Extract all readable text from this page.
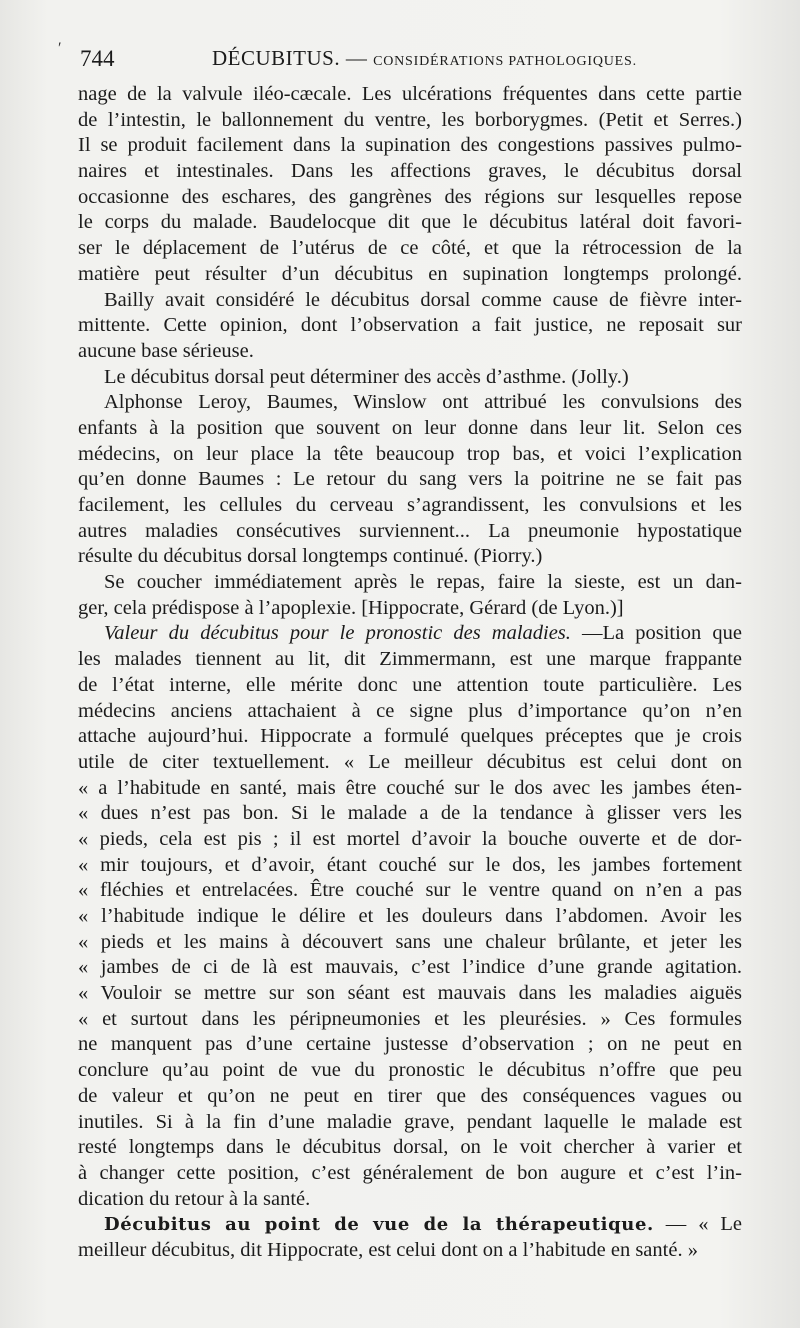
′ 744	DÉCUBITUS. — CONSIDÉRATIONS PATHOLOGIQUES.
nage de la valvule iléo-cæcale. Les ulcérations fréquentes dans cette partie
de l’intestin, le ballonnement du ventre, les borborygmes. (Petit et Serres.)
Il se produit facilement dans la supination des congestions passives pulmo-
naires et intestinales. Dans les affections graves, le décubitus dorsal
occasionne des eschares, des gangrènes des régions sur lesquelles repose
le corps du malade. Baudelocque dit que le décubitus latéral doit favori-
ser le déplacement de l’utérus de ce côté, et que la rétrocession de la
matière peut résulter d’un décubitus en supination longtemps prolongé.
Bailly avait considéré le décubitus dorsal comme cause de fièvre inter-
mittente. Cette opinion, dont l’observation a fait justice, ne reposait sur
aucune base sérieuse.
Le décubitus dorsal peut déterminer des accès d’asthme. (Jolly.)
Alphonse Leroy, Baumes, Winslow ont attribué les convulsions des
enfants à la position que souvent on leur donne dans leur lit. Selon ces
médecins, on leur place la tête beaucoup trop bas, et voici l’explication
qu’en donne Baumes : Le retour du sang vers la poitrine ne se fait pas
facilement, les cellules du cerveau s’agrandissent, les convulsions et les
autres maladies consécutives surviennent... La pneumonie hypostatique
résulte du décubitus dorsal longtemps continué. (Piorry.)
Se coucher immédiatement après le repas, faire la sieste, est un dan-
ger, cela prédispose à l’apoplexie. [Hippocrate, Gérard (de Lyon.)]
Valeur du décubitus pour le pronostic des maladies. —La position que
les malades tiennent au lit, dit Zimmermann, est une marque frappante
de l’état interne, elle mérite donc une attention toute particulière. Les
médecins anciens attachaient à ce signe plus d’importance qu’on n’en
attache aujourd’hui. Hippocrate a formulé quelques préceptes que je crois
utile de citer textuellement. « Le meilleur décubitus est celui dont on
« a l’habitude en santé, mais être couché sur le dos avec les jambes éten-
« dues n’est pas bon. Si le malade a de la tendance à glisser vers les
« pieds, cela est pis ; il est mortel d’avoir la bouche ouverte et de dor-
« mir toujours, et d’avoir, étant couché sur le dos, les jambes fortement
« fléchies et entrelacées. Être couché sur le ventre quand on n’en a pas
« l’habitude indique le délire et les douleurs dans l’abdomen. Avoir les
« pieds et les mains à découvert sans une chaleur brûlante, et jeter les
« jambes de ci de là est mauvais, c’est l’indice d’une grande agitation.
« Vouloir se mettre sur son séant est mauvais dans les maladies aiguës
« et surtout dans les péripneumonies et les pleurésies. » Ces formules
ne manquent pas d’une certaine justesse d’observation ; on ne peut en
conclure qu’au point de vue du pronostic le décubitus n’offre que peu
de valeur et qu’on ne peut en tirer que des conséquences vagues ou
inutiles. Si à la fin d’une maladie grave, pendant laquelle le malade est
resté longtemps dans le décubitus dorsal, on le voit chercher à varier et
à changer cette position, c’est généralement de bon augure et c’est l’in-
dication du retour à la santé.
Décubitus au point de vue de la thérapeutique. — « Le
meilleur décubitus, dit Hippocrate, est celui dont on a l’habitude en santé. »
